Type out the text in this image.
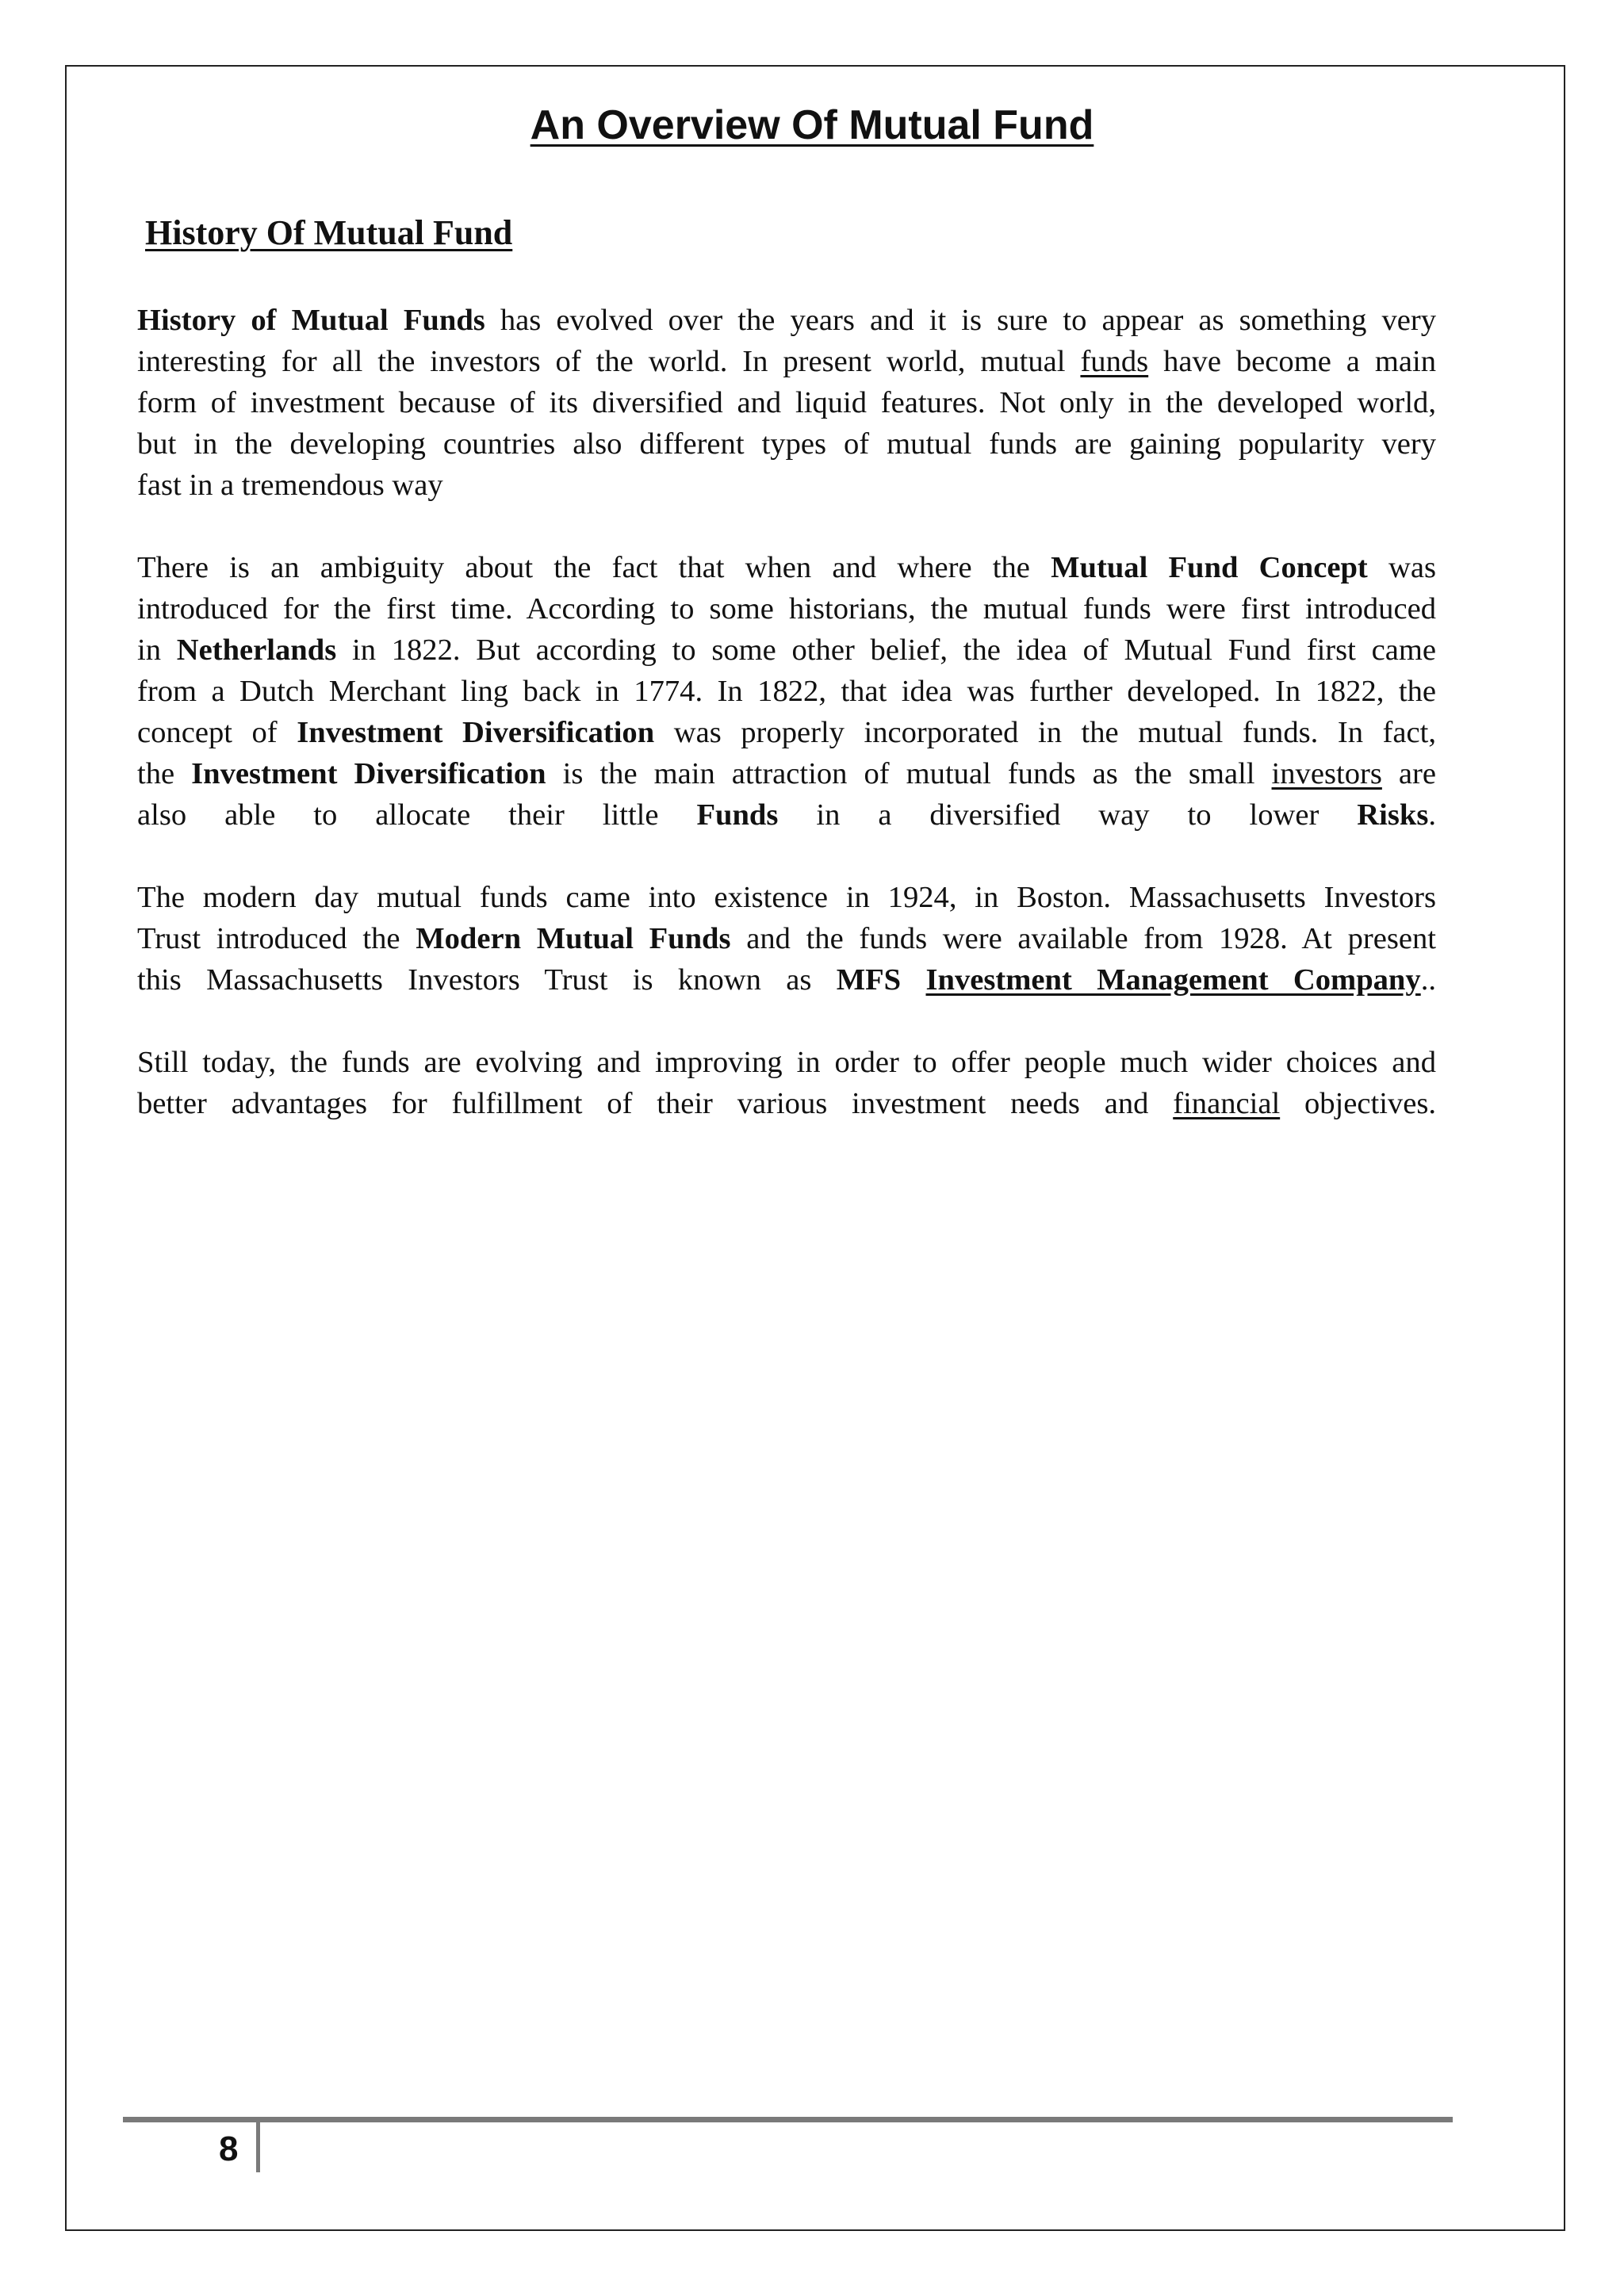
An Overview Of Mutual Fund
History Of Mutual Fund

History of Mutual Funds has evolved over the years and it is sure to appear as something very
interesting for all the investors of the world. In present world, mutual funds have become a main
form of investment because of its diversified and liquid features. Not only in the developed world,
but in the developing countries also different types of mutual funds are gaining popularity very
fast in a tremendous way

There is an ambiguity about the fact that when and where the Mutual Fund Concept was
introduced for the first time. According to some historians, the mutual funds were first introduced
in Netherlands in 1822. But according to some other belief, the idea of Mutual Fund first came
from a Dutch Merchant ling back in 1774. In 1822, that idea was further developed. In 1822, the
concept of Investment Diversification was properly incorporated in the mutual funds. In fact,
the Investment Diversification is the main attraction of mutual funds as the small investors are
also able to allocate their little Funds in a diversified way to lower Risks.

The modern day mutual funds came into existence in 1924, in Boston. Massachusetts Investors
Trust introduced the Modern Mutual Funds and the funds were available from 1928. At present
this Massachusetts Investors Trust is known as MFS Investment Management Company..

Still today, the funds are evolving and improving in order to offer people much wider choices and
better advantages for fulfillment of their various investment needs and financial objectives.

8
